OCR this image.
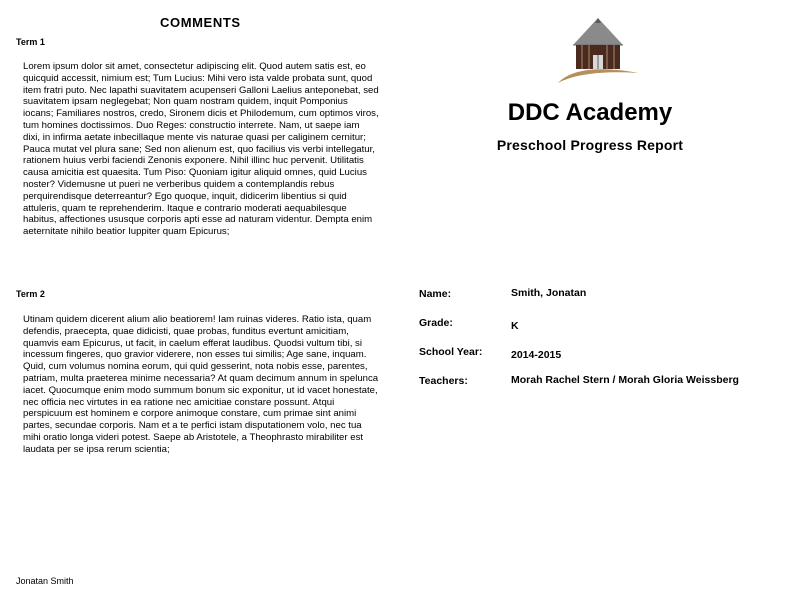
COMMENTS
Term 1
Lorem ipsum dolor sit amet, consectetur adipiscing elit. Quod autem satis est, eo quicquid accessit, nimium est; Tum Lucius: Mihi vero ista valde probata sunt, quod item fratri puto. Nec lapathi suavitatem acupenseri Galloni Laelius anteponebat, sed suavitatem ipsam neglegebat; Non quam nostram quidem, inquit Pomponius iocans; Familiares nostros, credo, Sironem dicis et Philodemum, cum optimos viros, tum homines doctissimos. Duo Reges: constructio interrete. Nam, ut saepe iam dixi, in infirma aetate inbecillaque mente vis naturae quasi per caliginem cernitur; Pauca mutat vel plura sane; Sed non alienum est, quo facilius vis verbi intellegatur, rationem huius verbi faciendi Zenonis exponere. Nihil illinc huc pervenit. Utilitatis causa amicitia est quaesita. Tum Piso: Quoniam igitur aliquid omnes, quid Lucius noster? Videmusne ut pueri ne verberibus quidem a contemplandis rebus perquirendisque deterreantur? Ego quoque, inquit, didicerim libentius si quid attuleris, quam te reprehenderim. Itaque e contrario moderati aequabilesque habitus, affectiones ususque corporis apti esse ad naturam videntur. Dempta enim aeternitate nihilo beatior Iuppiter quam Epicurus;
Term 2
Utinam quidem dicerent alium alio beatiorem! Iam ruinas videres. Ratio ista, quam defendis, praecepta, quae didicisti, quae probas, funditus evertunt amicitiam, quamvis eam Epicurus, ut facit, in caelum efferat laudibus. Quodsi vultum tibi, si incessum fingeres, quo gravior viderere, non esses tui similis; Age sane, inquam. Quid, cum volumus nomina eorum, qui quid gesserint, nota nobis esse, parentes, patriam, multa praeterea minime necessaria? At quam decimum annum in spelunca iacet. Quocumque enim modo summum bonum sic exponitur, ut id vacet honestate, nec officia nec virtutes in ea ratione nec amicitiae constare possunt. Atqui perspicuum est hominem e corpore animoque constare, cum primae sint animi partes, secundae corporis. Nam et a te perfici istam disputationem volo, nec tua mihi oratio longa videri potest. Saepe ab Aristotele, a Theophrasto mirabiliter est laudata per se ipsa rerum scientia;
DDC Academy
Preschool Progress Report
Name:	Smith, Jonatan
Grade:	K
School Year:	2014-2015
Teachers:	Morah Rachel Stern / Morah Gloria Weissberg
Jonatan Smith
